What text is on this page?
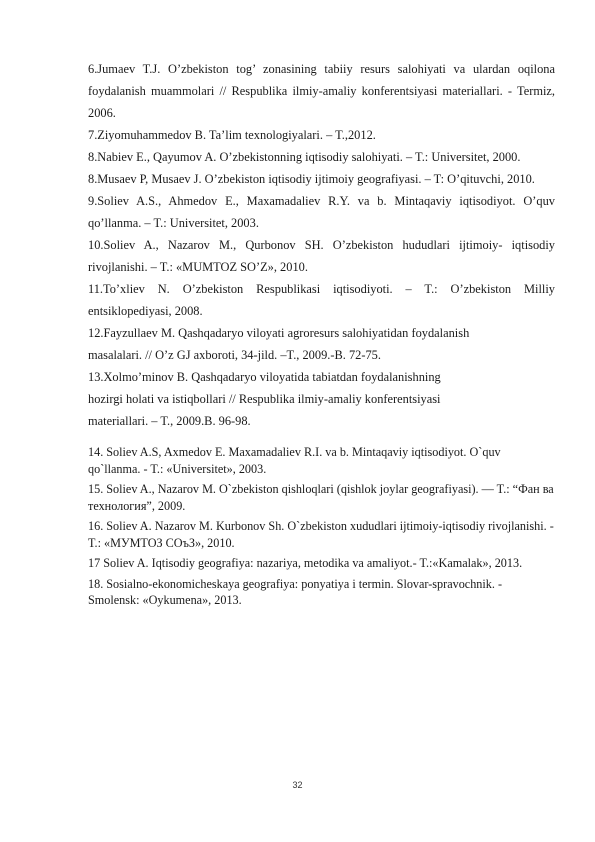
6.Jumaev T.J. O’zbekiston tog’ zonasining tabiiy resurs salohiyati va ulardan oqilona foydalanish muammolari // Respublika ilmiy-amaliy konferentsiyasi materiallari. - Termiz, 2006.

7.Ziyomuhammedov B. Ta’lim texnologiyalari. – T.,2012.

8.Nabiev E., Qayumov A. O’zbekistonning iqtisodiy salohiyati. – T.: Universitet, 2000.

8.Musaev P, Musaev J. O’zbekiston iqtisodiy ijtimoiy geografiyasi. – T: O’qituvchi, 2010.

9.Soliev A.S., Ahmedov E., Maxamadaliev R.Y. va b. Mintaqaviy iqtisodiyot. O’quv qo’llanma. – T.: Universitet, 2003.

10.Soliev A., Nazarov M., Qurbonov SH. O’zbekiston hududlari ijtimoiy- iqtisodiy rivojlanishi. – T.: «MUMTOZ SO’Z», 2010.

11.To’xliev N. O’zbekiston Respublikasi iqtisodiyoti. – T.: O’zbekiston Milliy entsiklopediyasi, 2008.

12.Fayzullaev M. Qashqadaryo viloyati agroresurs salohiyatidan foydalanish

masalalari. // O’z GJ axboroti, 34-jild. –T., 2009.-B. 72-75.

13.Xolmo’minov B. Qashqadaryo viloyatida tabiatdan foydalanishning

hozirgi holati va istiqbollari // Respublika ilmiy-amaliy konferentsiyasi

materiallari. – T., 2009.B. 96-98.

14. Soliev A.S, Axmedov E. Maxamadaliev R.I. va b. Mintaqaviy iqtisodiyot. O`quv qo`llanma. - T.: «Universitet», 2003.

15. Soliev A., Nazarov M. O`zbekiston qishloqlari (qishlok joylar geografiyasi). — T.: “Фан ва технология”, 2009.

16. Soliev A. Nazarov M. Kurbonov Sh. O`zbekiston xududlari ijtimoiy-iqtisodiy rivojlanishi. - T.: «МУМТОЗ СОъЗ», 2010.

17 Soliev A. Iqtisodiy geografiya: nazariya, metodika va amaliyot.- T.:«Kamalak», 2013.

18. Sosialno-ekonomicheskaya geografiya: ponyatiya i termin. Slovar-spravochnik. - Smolensk: «Oykumena», 2013.

32
